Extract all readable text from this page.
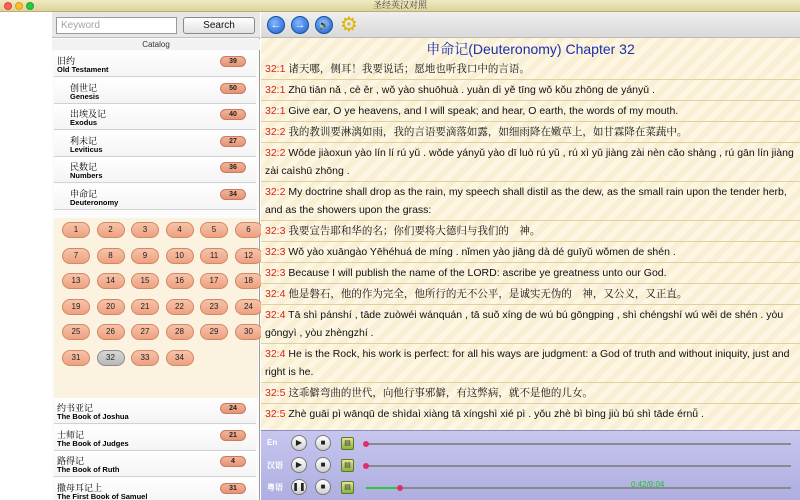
圣经英汉对照
Keyword
Search
Catalog
旧约
Old Testament
39
创世记
Genesis
50
出埃及记
Exodus
40
利未记
Leviticus
27
民数记
Numbers
36
申命记
Deuteronomy
34
1	2	3	4	5	6
7	8	9	10	11	12
13	14	15	16	17	18
19	20	21	22	23	24
25	26	27	28	29	30
31	32	33	34
约书亚记
The Book of Joshua
24
士师记
The Book of Judges
21
路得记
The Book of Ruth
4
撒母耳记上
The First Book of Samuel
31
←	→	🔊 ⚙
申命记(Deuteronomy) Chapter 32
32:1 诸天哪，侧耳！我要说话；愿地也听我口中的言语。
32:1 Zhū tiān nǎ , cè ěr , wǒ yào shuōhuà . yuàn dì yě tīng wǒ kǒu zhōng de yányǔ .
32:1 Give ear, O ye heavens, and I will speak; and hear, O earth, the words of my mouth.
32:2 我的教训要淋漓如雨，我的言语要滴落如露，如细雨降在嫩草上，如甘霖降在菜蔬中。
32:2 Wǒde jiàoxun yào lín lí rú yǔ . wǒde yányǔ yào dī luò rú yǔ , rú xì yǔ jiàng zài nèn cǎo shàng , rú gān lín jiàng zài caìshū zhōng .
32:2 My doctrine shall drop as the rain, my speech shall distil as the dew, as the small rain upon the tender herb, and as the showers upon the grass:
32:3 我要宣告耶和华的名；你们要将大德归与我们的　神。
32:3 Wǒ yào xuāngào Yēhéhuá de míng . nǐmen yào jiāng dà dé guīyǔ wǒmen de shén .
32:3 Because I will publish the name of the LORD: ascribe ye greatness unto our God.
32:4 他是磐石，他的作为完全，他所行的无不公平，是诚实无伪的　神，又公义，又正直。
32:4 Tā shì pánshí , tāde zuòwéi wánquán , tā suǒ xíng de wú bú gōngping , shì chéngshí wú wěi de shén . yòu gōngyì , yòu zhèngzhí .
32:4 He is the Rock, his work is perfect: for all his ways are judgment: a God of truth and without iniquity, just and right is he.
32:5 这乖僻弯曲的世代，向他行事邪僻，有这弊病，就不是他的儿女。
32:5 Zhè guāi pì wānqū de shìdaì xiàng tā xíngshì xié pì . yǒu zhè bì bìng jiù bú shì tāde érnǚ .
En	▶	■	▤
汉语	▶	■	▤
粤语 ❚❚	■	▤	0:42/9:04
